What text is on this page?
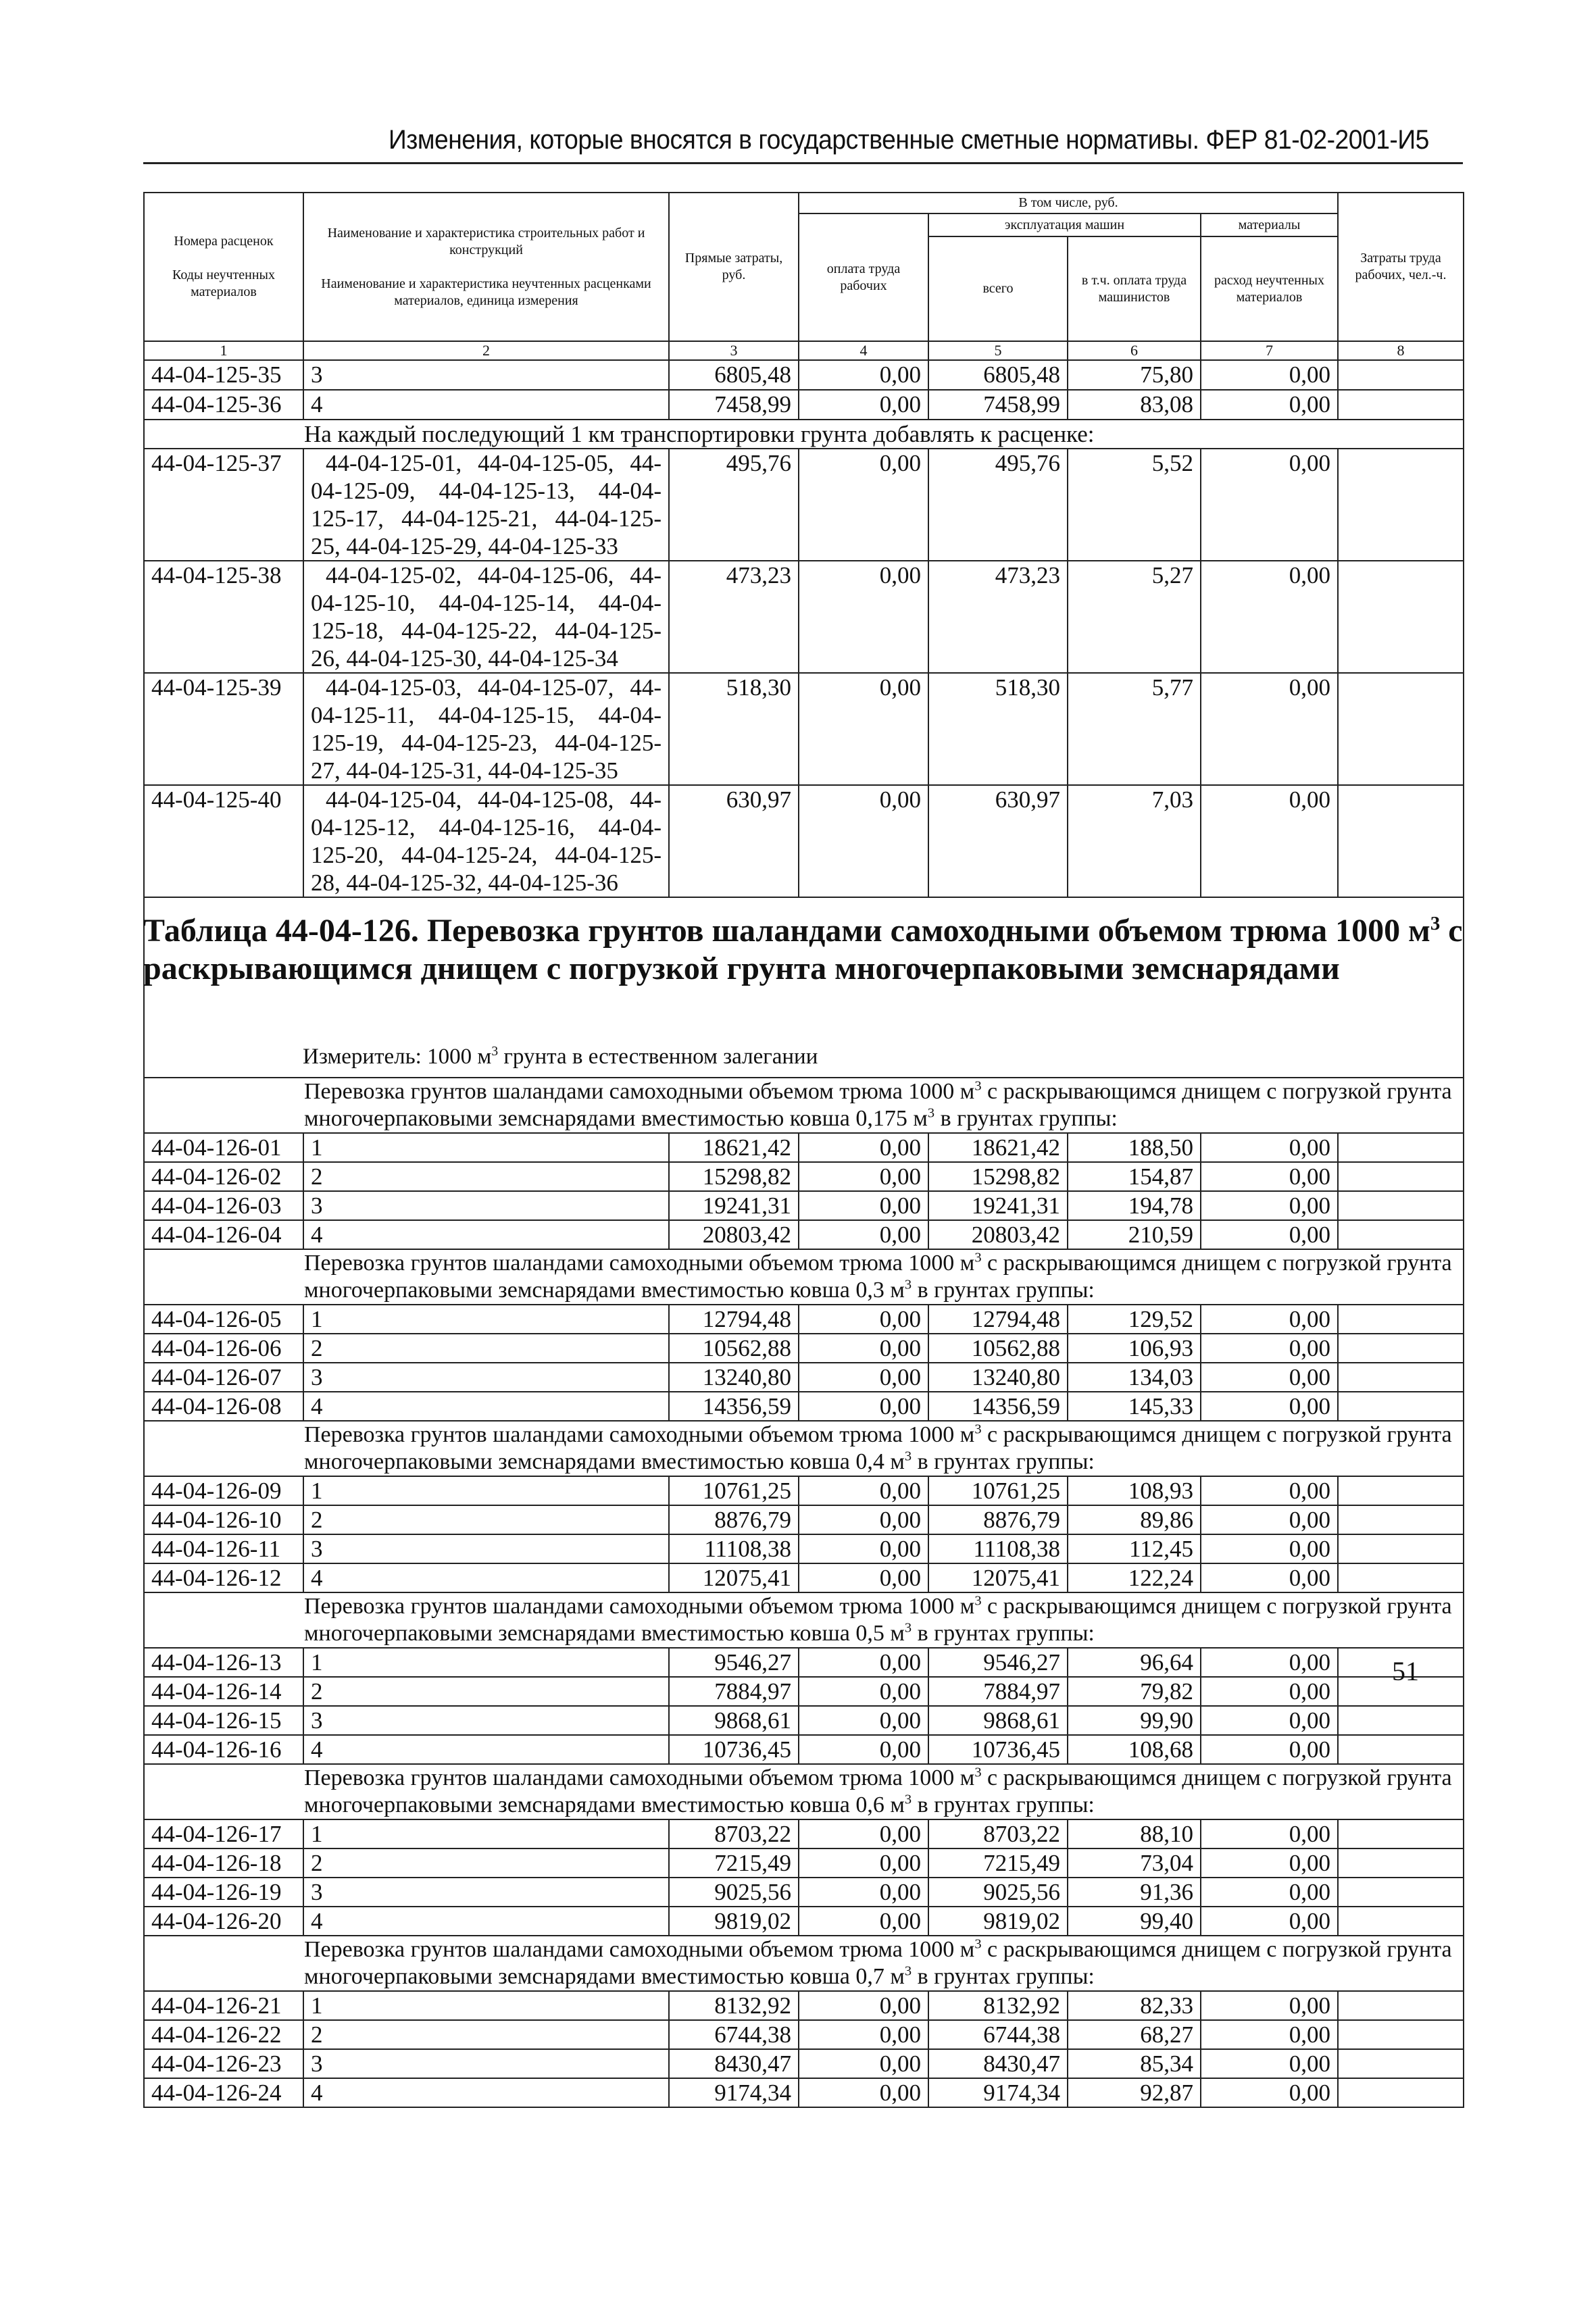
Изменения, которые вносятся в государственные сметные нормативы. ФЕР 81-02-2001-И5
Номера расценок

Коды неучтенных материалов	Наименование и характеристика строительных работ и конструкций

Наименование и характеристика неучтенных расценками материалов, единица измерения	Прямые затраты, руб.	В том числе, руб.				Затраты труда рабочих, чел.-ч.
			оплата труда рабочих	эксплуатация машин		материалы	
				всего	в т.ч. оплата труда машинистов	расход неучтенных материалов	
1	2	3	4	5	6	7	8
44-04-125-35	3	6805,48	0,00	6805,48	75,80	0,00	
44-04-125-36	4	7458,99	0,00	7458,99	83,08	0,00	
На каждый последующий 1 км транспортировки грунта добавлять к расценке:							
44-04-125-37	44-04-125-01, 44-04-125-05, 44-04-125-09, 44-04-125-13, 44-04-125-17, 44-04-125-21, 44-04-125-25, 44-04-125-29, 44-04-125-33	495,76	0,00	495,76	5,52	0,00	
44-04-125-38	44-04-125-02, 44-04-125-06, 44-04-125-10, 44-04-125-14, 44-04-125-18, 44-04-125-22, 44-04-125-26, 44-04-125-30, 44-04-125-34	473,23	0,00	473,23	5,27	0,00	
44-04-125-39	44-04-125-03, 44-04-125-07, 44-04-125-11, 44-04-125-15, 44-04-125-19, 44-04-125-23, 44-04-125-27, 44-04-125-31, 44-04-125-35	518,30	0,00	518,30	5,77	0,00	
44-04-125-40	44-04-125-04, 44-04-125-08, 44-04-125-12, 44-04-125-16, 44-04-125-20, 44-04-125-24, 44-04-125-28, 44-04-125-32, 44-04-125-36	630,97	0,00	630,97	7,03	0,00	
Таблица 44-04-126. Перевозка грунтов шаландами самоходными объемом трюма 1000 $м^3$ с раскрывающимся днищем с погрузкой грунта многочерпаковыми земснарядами
Измеритель: 1000 $м^3$ грунта в естественном залегании
Перевозка грунтов шаландами самоходными объемом трюма 1000 $м^3$ с раскрывающимся днищем с погрузкой грунта многочерпаковыми земснарядами вместимостью ковша 0,175 $м^3$ в грунтах группы:							
44-04-126-01	1	18621,42	0,00	18621,42	188,50	0,00	
44-04-126-02	2	15298,82	0,00	15298,82	154,87	0,00	
44-04-126-03	3	19241,31	0,00	19241,31	194,78	0,00	
44-04-126-04	4	20803,42	0,00	20803,42	210,59	0,00	
Перевозка грунтов шаландами самоходными объемом трюма 1000 $м^3$ с раскрывающимся днищем с погрузкой грунта многочерпаковыми земснарядами вместимостью ковша 0,3 $м^3$ в грунтах группы:							
44-04-126-05	1	12794,48	0,00	12794,48	129,52	0,00	
44-04-126-06	2	10562,88	0,00	10562,88	106,93	0,00	
44-04-126-07	3	13240,80	0,00	13240,80	134,03	0,00	
44-04-126-08	4	14356,59	0,00	14356,59	145,33	0,00	
Перевозка грунтов шаландами самоходными объемом трюма 1000 $м^3$ с раскрывающимся днищем с погрузкой грунта многочерпаковыми земснарядами вместимостью ковша 0,4 $м^3$ в грунтах группы:							
44-04-126-09	1	10761,25	0,00	10761,25	108,93	0,00	
44-04-126-10	2	8876,79	0,00	8876,79	89,86	0,00	
44-04-126-11	3	11108,38	0,00	11108,38	112,45	0,00	
44-04-126-12	4	12075,41	0,00	12075,41	122,24	0,00	
Перевозка грунтов шаландами самоходными объемом трюма 1000 $м^3$ с раскрывающимся днищем с погрузкой грунта многочерпаковыми земснарядами вместимостью ковша 0,5 $м^3$ в грунтах группы:							
44-04-126-13	1	9546,27	0,00	9546,27	96,64	0,00	
44-04-126-14	2	7884,97	0,00	7884,97	79,82	0,00	
44-04-126-15	3	9868,61	0,00	9868,61	99,90	0,00	
44-04-126-16	4	10736,45	0,00	10736,45	108,68	0,00	
Перевозка грунтов шаландами самоходными объемом трюма 1000 $м^3$ с раскрывающимся днищем с погрузкой грунта многочерпаковыми земснарядами вместимостью ковша 0,6 $м^3$ в грунтах группы:							
44-04-126-17	1	8703,22	0,00	8703,22	88,10	0,00	
44-04-126-18	2	7215,49	0,00	7215,49	73,04	0,00	
44-04-126-19	3	9025,56	0,00	9025,56	91,36	0,00	
44-04-126-20	4	9819,02	0,00	9819,02	99,40	0,00	
Перевозка грунтов шаландами самоходными объемом трюма 1000 $м^3$ с раскрывающимся днищем с погрузкой грунта многочерпаковыми земснарядами вместимостью ковша 0,7 $м^3$ в грунтах группы:							
44-04-126-21	1	8132,92	0,00	8132,92	82,33	0,00	
44-04-126-22	2	6744,38	0,00	6744,38	68,27	0,00	
44-04-126-23	3	8430,47	0,00	8430,47	85,34	0,00	
44-04-126-24	4	9174,34	0,00	9174,34	92,87	0,00	
51
